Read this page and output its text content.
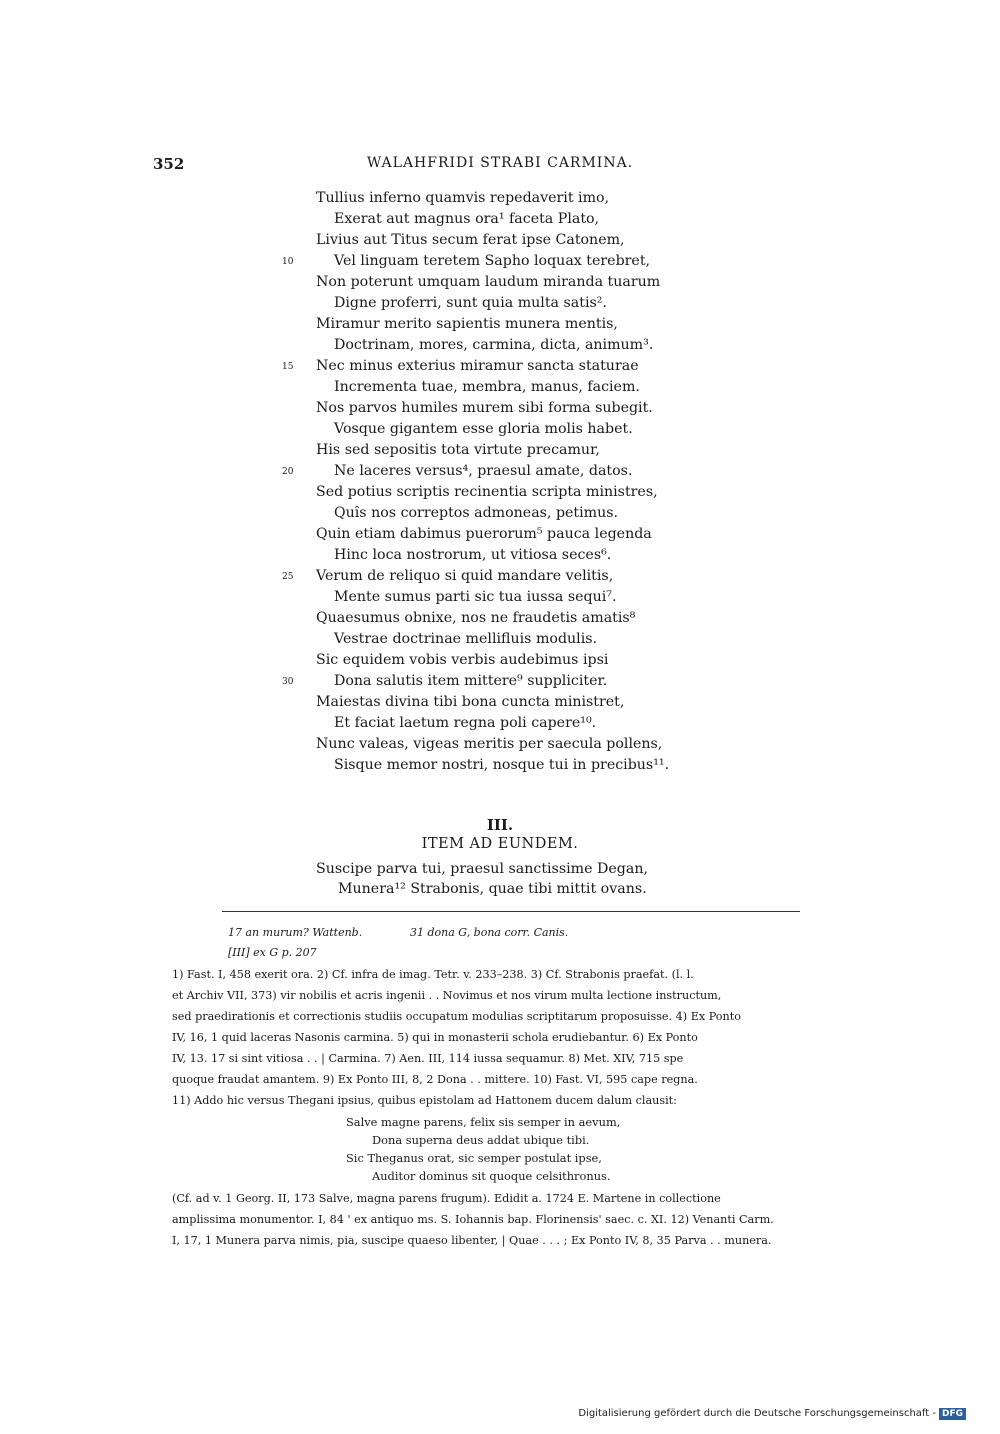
352	WALAHFRIDI STRABI CARMINA.
Tullius inferno quamvis repedaverit imo,
Exerat aut magnus ora¹ faceta Plato,
Livius aut Titus secum ferat ipse Catonem,
Vel linguam teretem Sapho loquax terebret,
10
Non poterunt umquam laudum miranda tuarum
Digne proferri, sunt quia multa satis².
Miramur merito sapientis munera mentis,
Doctrinam, mores, carmina, dicta, animum³.
Nec minus exterius miramur sancta staturae
15
Incrementa tuae, membra, manus, faciem.
Nos parvos humiles murem sibi forma subegit.
Vosque gigantem esse gloria molis habet.
His sed sepositis tota virtute precamur,
Ne laceres versus⁴, praesul amate, datos.
20
Sed potius scriptis recinentia scripta ministres,
Quîs nos correptos admoneas, petimus.
Quin etiam dabimus puerorum⁵ pauca legenda
Hinc loca nostrorum, ut vitiosa seces⁶.
Verum de reliquo si quid mandare velitis,
25
Mente sumus parti sic tua iussa sequi⁷.
Quaesumus obnixe, nos ne fraudetis amatis⁸
Vestrae doctrinae mellifluis modulis.
Sic equidem vobis verbis audebimus ipsi
Dona salutis item mittere⁹ suppliciter.
30
Maiestas divina tibi bona cuncta ministret,
Et faciat laetum regna poli capere¹⁰.
Nunc valeas, vigeas meritis per saecula pollens,
Sisque memor nostri, nosque tui in precibus¹¹.
III.
ITEM AD EUNDEM.
Suscipe parva tui, praesul sanctissime Degan,
Munera¹² Strabonis, quae tibi mittit ovans.
17 an murum? Wattenb.	31 dona G, bona corr. Canis.
[III] ex G p. 207
1) Fast. I, 458 exerit ora. 2) Cf. infra de imag. Tetr. v. 233–238. 3) Cf. Strabonis praefat. (l. l.
et Archiv VII, 373) vir nobilis et acris ingenii . . Novimus et nos virum multa lectione instructum,
sed praedirationis et correctionis studiis occupatum modulias scriptitarum proposuisse. 4) Ex Ponto
IV, 16, 1 quid laceras Nasonis carmina. 5) qui in monasterii schola erudiebantur. 6) Ex Ponto
IV, 13. 17 si sint vitiosa . . | Carmina. 7) Aen. III, 114 iussa sequamur. 8) Met. XIV, 715 spe
quoque fraudat amantem. 9) Ex Ponto III, 8, 2 Dona . . mittere. 10) Fast. VI, 595 cape regna.
11) Addo hic versus Thegani ipsius, quibus epistolam ad Hattonem ducem dalum clausit:
Salve magne parens, felix sis semper in aevum,
Dona superna deus addat ubique tibi.
Sic Theganus orat, sic semper postulat ipse,
Auditor dominus sit quoque celsithronus.
(Cf. ad v. 1 Georg. II, 173 Salve, magna parens frugum). Edidit a. 1724 E. Martene in collectione
amplissima monumentor. I, 84 ' ex antiquo ms. S. Iohannis bap. Florinensis' saec. c. XI. 12) Venanti Carm.
I, 17, 1 Munera parva nimis, pia, suscipe quaeso libenter, | Quae . . . ; Ex Ponto IV, 8, 35 Parva . . munera.
Digitalisierung gefördert durch die Deutsche Forschungsgemeinschaft - DFG
